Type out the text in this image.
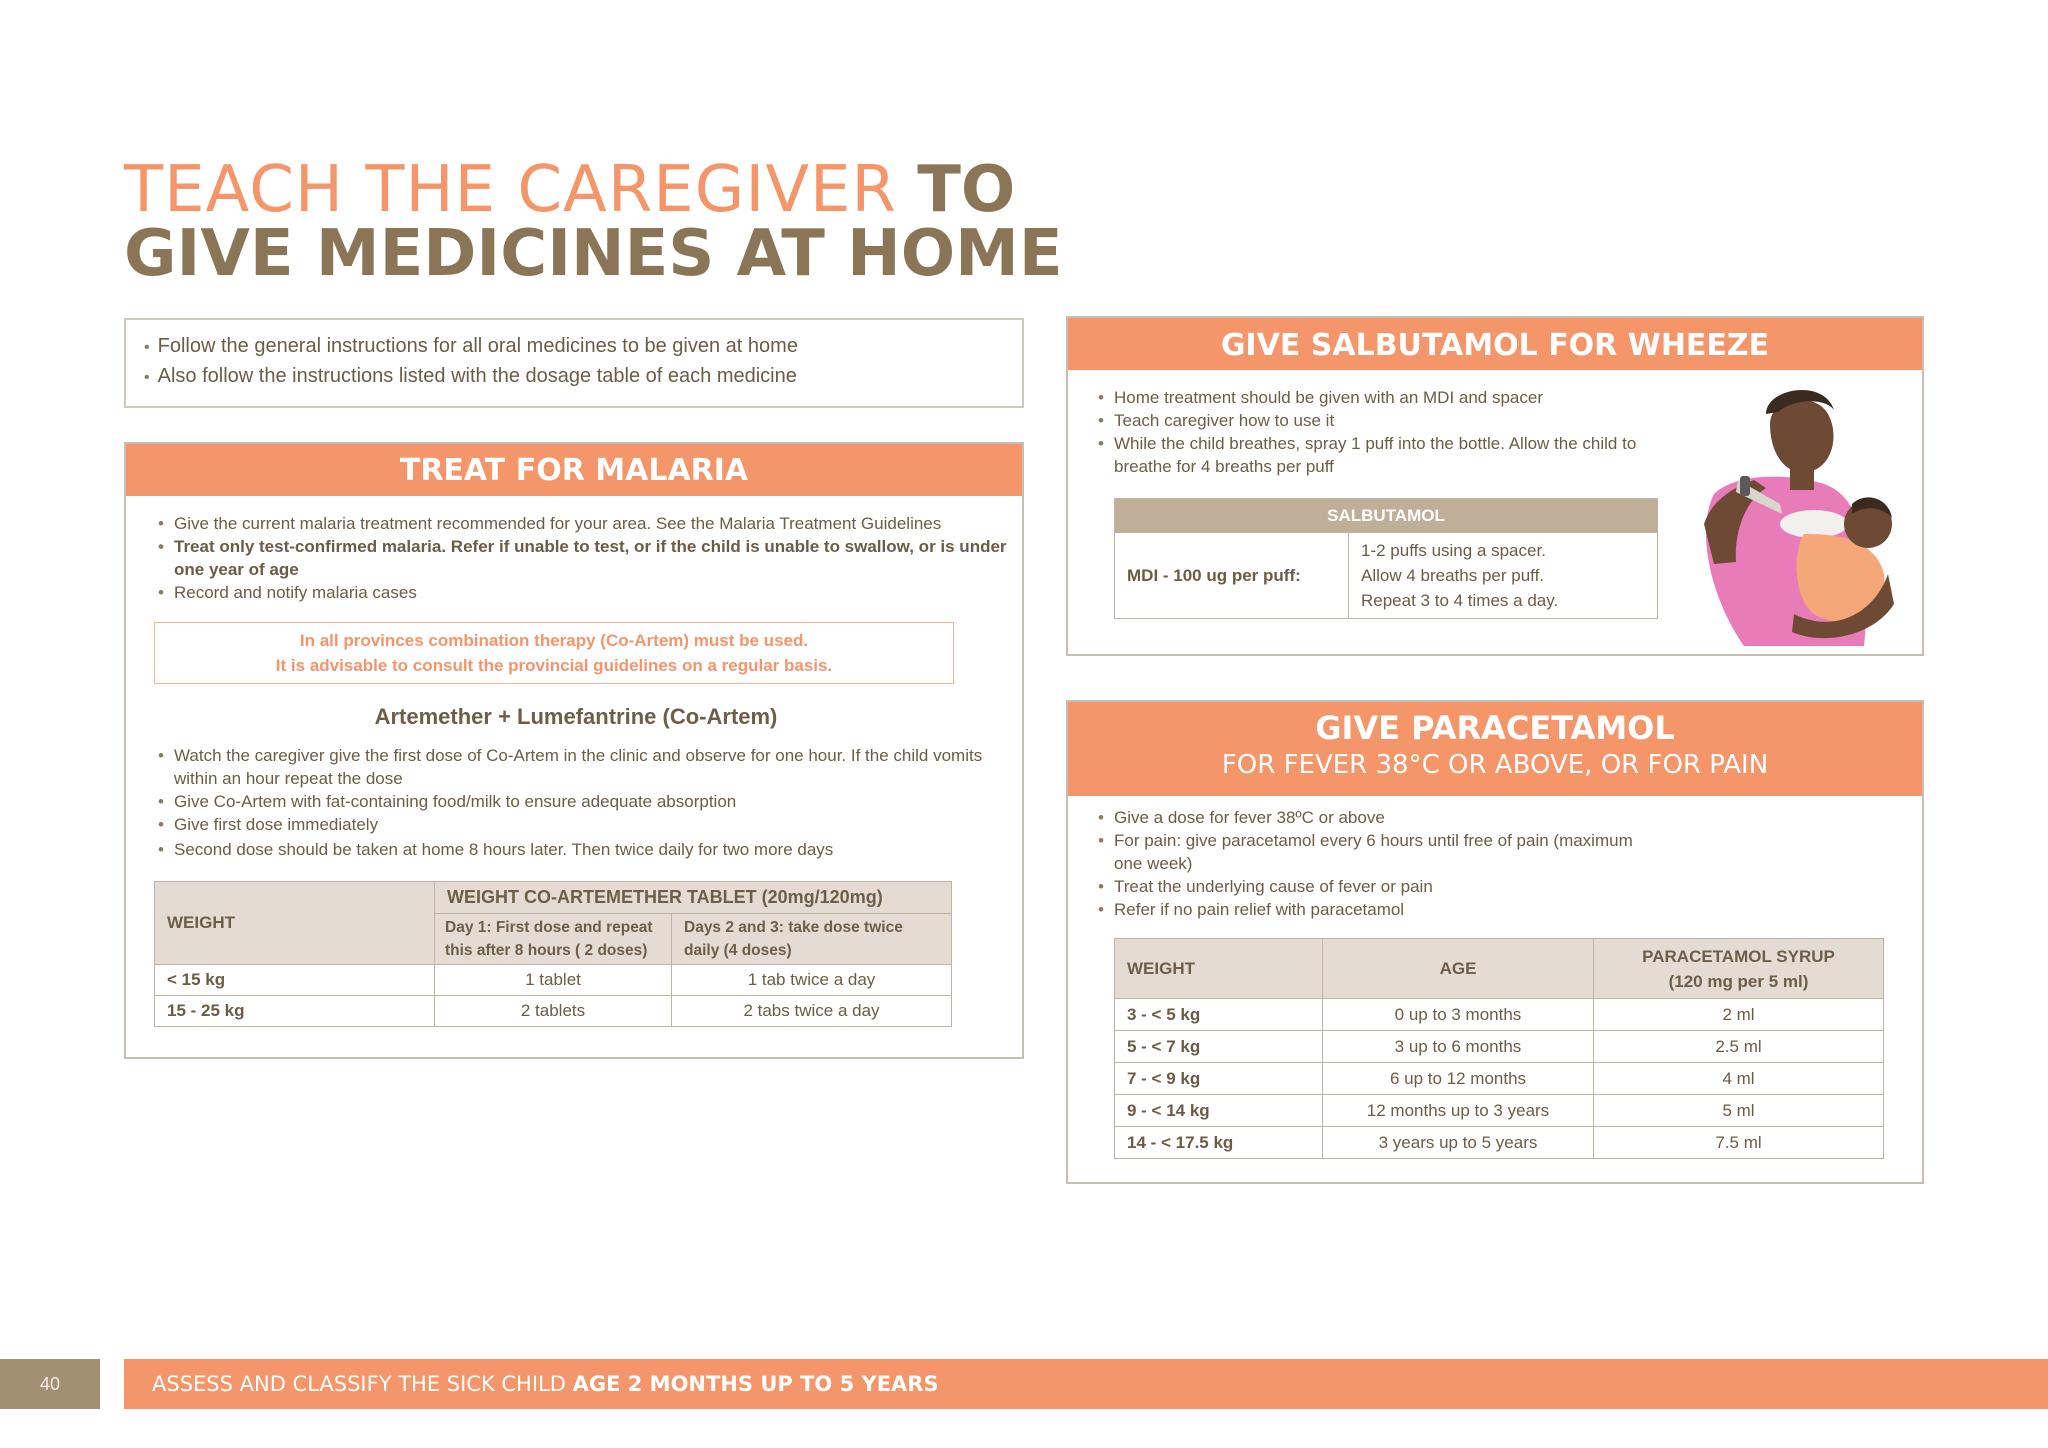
TEACH THE CAREGIVER TO
GIVE MEDICINES AT HOME
• Follow the general instructions for all oral medicines to be given at home
• Also follow the instructions listed with the dosage table of each medicine
TREAT FOR MALARIA
• Give the current malaria treatment recommended for your area. See the Malaria Treatment Guidelines
• Treat only test-confirmed malaria. Refer if unable to test, or if the child is unable to swallow, or is under one year of age
• Record and notify malaria cases
In all provinces combination therapy (Co-Artem) must be used.
It is advisable to consult the provincial guidelines on a regular basis.
Artemether + Lumefantrine (Co-Artem)
• Watch the caregiver give the first dose of Co-Artem in the clinic and observe for one hour. If the child vomits within an hour repeat the dose
• Give Co-Artem with fat-containing food/milk to ensure adequate absorption
• Give first dose immediately
• Second dose should be taken at home 8 hours later. Then twice daily for two more days
WEIGHT	WEIGHT CO-ARTEMETHER TABLET (20mg/120mg)	
	Day 1: First dose and repeat this after 8 hours ( 2 doses)	Days 2 and 3: take dose twice daily (4 doses)
< 15 kg	1 tablet	1 tab twice a day
15 - 25 kg	2 tablets	2 tabs twice a day
GIVE SALBUTAMOL FOR WHEEZE
• Home treatment should be given with an MDI and spacer
• Teach caregiver how to use it
• While the child breathes, spray 1 puff into the bottle. Allow the child to breathe for 4 breaths per puff
SALBUTAMOL
MDI - 100 ug per puff:	
1-2 puffs using a spacer.
Allow 4 breaths per puff.
Repeat 3 to 4 times a day.
GIVE PARACETAMOL
FOR FEVER 38°C OR ABOVE, OR FOR PAIN
• Give a dose for fever 38ºC or above
• For pain: give paracetamol every 6 hours until free of pain (maximum one week)
• Treat the underlying cause of fever or pain
• Refer if no pain relief with paracetamol
WEIGHT	AGE	PARACETAMOL SYRUP
(120 mg per 5 ml)

3 - < 5 kg	0 up to 3 months	2 ml
5 - < 7 kg	3 up to 6 months	2.5 ml
7 - < 9 kg	6 up to 12 months	4 ml
9 - < 14 kg	12 months up to 3 years	5 ml
14 - < 17.5 kg	3 years up to 5 years	7.5 ml
40	ASSESS AND CLASSIFY THE SICK CHILD AGE 2 MONTHS UP TO 5 YEARS
